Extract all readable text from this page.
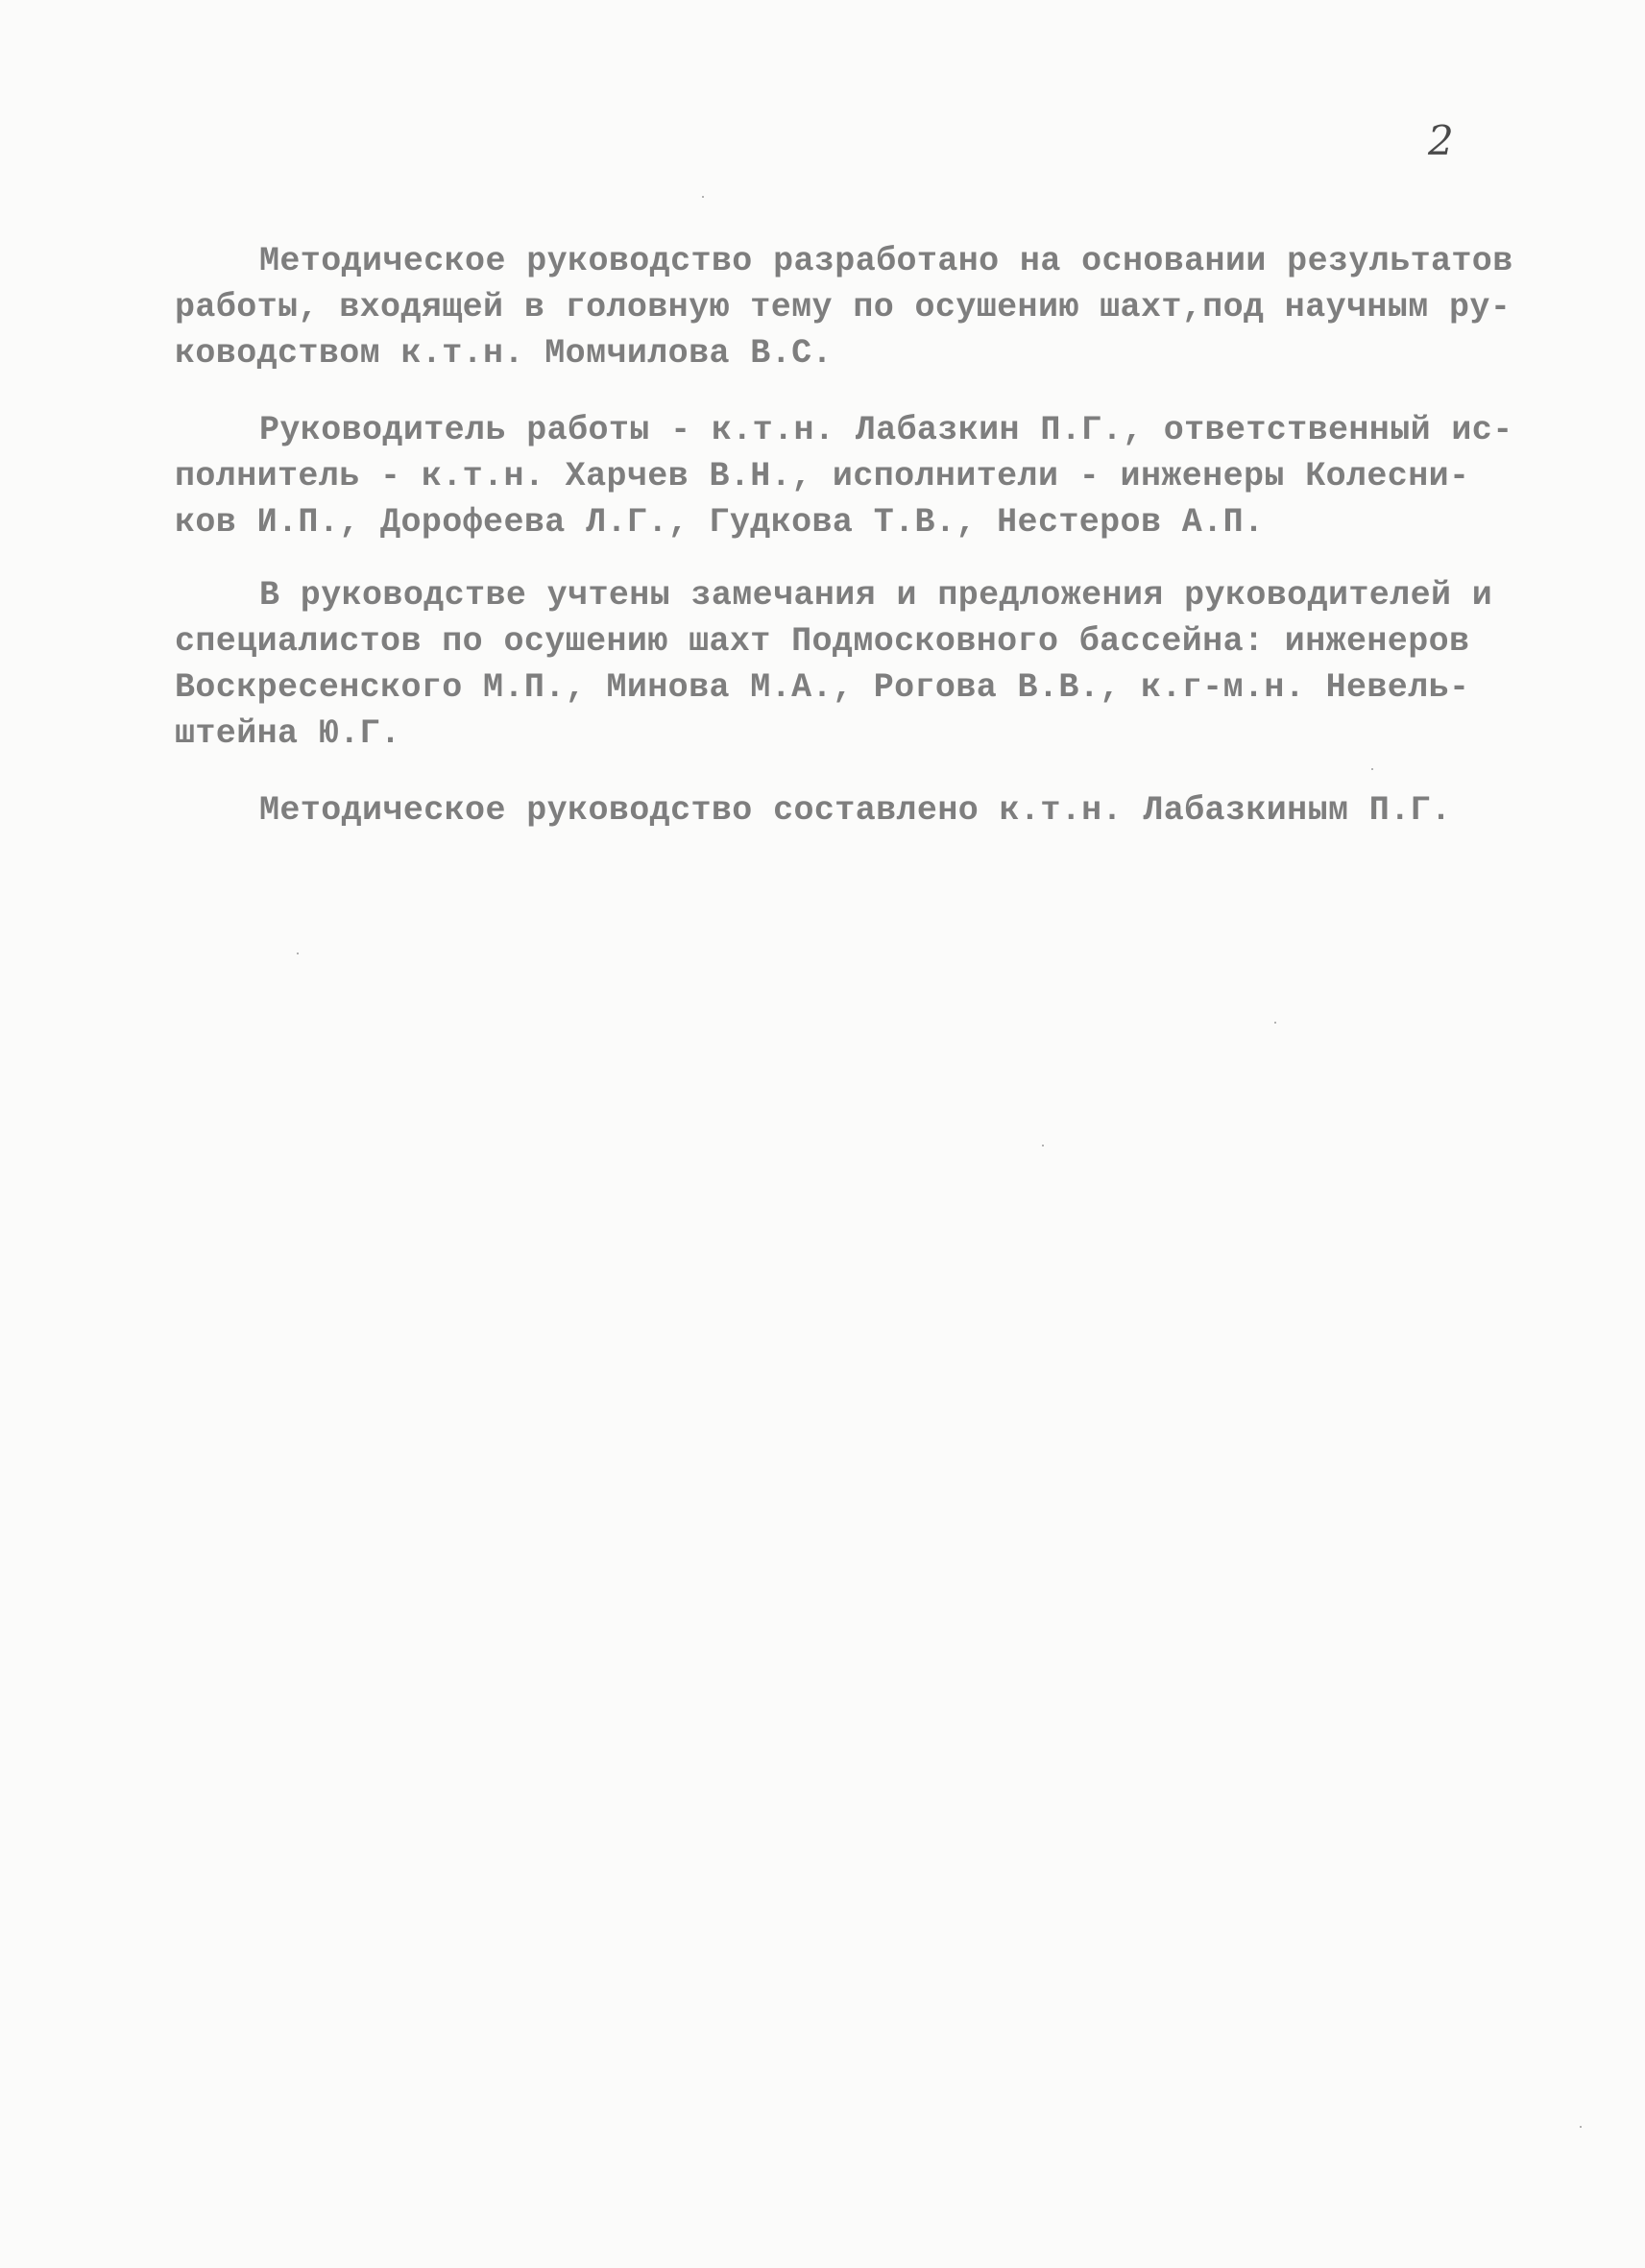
2
Методическое руководство разработано на основании результатов
работы, входящей в головную тему по осушению шахт,под научным ру-
ководством к.т.н. Момчилова В.С.
Руководитель работы - к.т.н. Лабазкин П.Г., ответственный ис-
полнитель - к.т.н. Харчев В.Н., исполнители - инженеры Колесни-
ков И.П., Дорофеева Л.Г., Гудкова Т.В., Нестеров А.П.
В руководстве учтены замечания и предложения руководителей и
специалистов по осушению шахт Подмосковного бассейна: инженеров
Воскресенского М.П., Минова М.А., Рогова В.В., к.г-м.н. Невель-
штейна Ю.Г.
Методическое руководство составлено к.т.н. Лабазкиным П.Г.
